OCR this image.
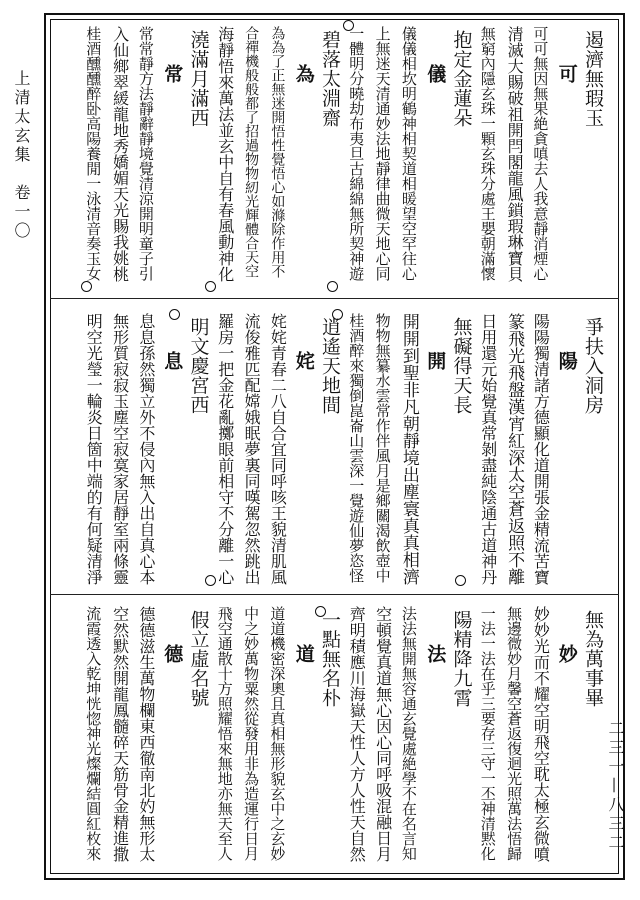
上清太玄集　卷一〇
二三一—八三二
遏濟無瑕玉
可
可可無因無果絶貪嗔去人我意靜消煙心
清滅大賜破祖開閂閣龍風鎖瑕琳寶貝
無窮內隱玄珠一顆玄珠分處王嬰朝滿懷
抱定金蓮朵
儀
儀儀相坎明鶴神相契道相暖望空罕往心
上無迷天清通妙法地靜律曲微天地心同
一體明分曉劫布夷旦古綿綿無所契神遊
碧落太淵齋
為
為為了正無迷開悟性覺悟心如滌除作用不
合禪機般般都了招過物物紉光輝體合天空
海靜悟來萬法並玄中自有春風動神化
澆滿月滿西
常
常常靜方法靜辭靜境覺清涼開明童子引
入仙鄉翠緩龍地秀嬌媚天光賜我姚桃
桂酒醺醺醉卧高陽養閒一泳清音奏玉女
爭扶入洞房
陽
陽陽獨清諸方德顯化道開張金精流苦寶
篆飛光飛盤漢宵紅深太空蒼返照不離
日用還元始覺真常剝盡純陰通古道神丹
無礙得天長
開
開開到聖非凡朝靜境出塵寰真真相濟
物物無纂水雲常作伴風月是鄉關渴飲壺中
桂酒醉來獨倒崑崙山雲深一覺遊仙夢恣怪
逍遙天地間
姹
姹姹青春二八自合宜同呼咳王貌清肌風
流俊雅匹配嫦娥眠夢裏同嘆駕忽然跳出
羅房一把金花亂擲眼前相守不分離一心
明文慶宮西
息
息息孫然獨立外不侵內無入出自真心本
無形質寂寂玉塵空寂寞家居靜室兩條靈
明空光瑩一輪炎日箇中端的有何疑清淨
無為萬事畢
妙
妙妙光而不耀空明飛空耽太極玄微噴
無邊微妙月馨空蒼返復迴光照萬法悟歸
一法一法在乎三要存三守一丕神清黙化
陽精降九霄
法
法法無開無容通玄覺處絶學不在名言知
空頓覺真道無心因心同呼吸混融日月
齊明積應川海嶽天性人方人性天自然
一點無名朴
道
道道機密深奧且真相無形貌玄中之玄妙
中之妙萬物粟然從發用非為造運行日月
飛空通散十方照耀悟來無地亦無天至人
假立虛名號
德
德德滋生萬物欄東西徹南北妁無形太
空然默然開龍鳳髓碎天筋骨金精進撒
流霞透入乾坤恍惚神光燦爛結圓紅枚來
